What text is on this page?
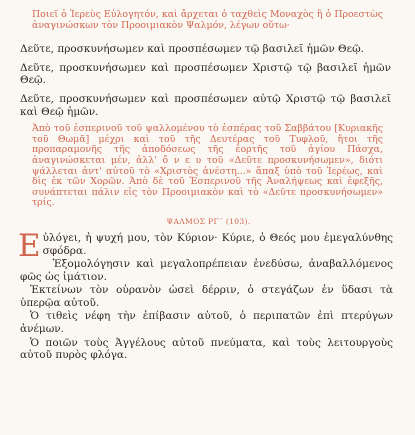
Ποιεῖ ὁ Ἱερεὺς Εὐλογητόν, καὶ ἄρχεται ὁ ταχθεὶς Μοναχὸς ἢ ὁ Προεστὼς ἀναγινώσκων τὸν Προοιμιακὸν Ψαλμόν, λέγων οὕτω·

Δεῦτε, προσκυνήσωμεν καὶ προσπέσωμεν τῷ βασιλεῖ ἡμῶν Θεῷ.

Δεῦτε, προσκυνήσωμεν καὶ προσπέσωμεν Χριστῷ τῷ βασιλεῖ ἡμῶν Θεῷ.

Δεῦτε, προσκυνήσωμεν καὶ προσπέσωμεν αὐτῷ Χριστῷ τῷ βασιλεῖ καὶ Θεῷ ἡμῶν.

Ἀπὸ τοῦ ἑσπερινοῦ τοῦ ψαλλομένου τὸ ἑσπέρας τοῦ Σαββάτου [Κυριακῆς τοῦ Θωμᾶ] μέχρι καὶ τοῦ τῆς Δευτέρας τοῦ Τυφλοῦ, ἤτοι τῆς προπαραμονῆς τῆς ἀποδόσεως τῆς ἑορτῆς τοῦ ἁγίου Πάσχα, ἀναγινώσκεται μέν, ἀλλ' ὄ ν ε υ τοῦ «Δεῦτε προσκυνήσωμεν», διότι ψάλλεται ἀντ' αὐτοῦ τὸ «Χριστὸς ἀνέστη...» ἅπαξ ὑπὸ τοῦ Ἱερέως, καὶ δὶς ἐκ τῶν Χορῶν. Ἀπὸ δὲ τοῦ Ἑσπερινοῦ τῆς Ἀναλήψεως καὶ ἐφεξῆς, συνάπτεται πάλιν εἰς τὸν Προοιμιακὸν καὶ τὸ «Δεῦτε προσκυνήσωμεν» τρίς.

ΨΑΛΜΟΣ ΡΓ΄ (103).

Εὐλόγει, ἡ ψυχή μου, τὸν Κύριον· Κύριε, ὁ Θεός μου ἐμεγαλύνθης σφόδρα.

Ἐξομολόγησιν καὶ μεγαλοπρέπειαν ἐνεδύσω, ἀναβαλλόμενος φῶς ὡς ἱμάτιον.

Ἐκτείνων τὸν οὐρανὸν ὡσεὶ δέρριν, ὁ στεγάζων ἐν ὕδασι τὰ ὑπερῷα αὐτοῦ.

Ὁ τιθεὶς νέφη τὴν ἐπίβασιν αὐτοῦ, ὁ περιπατῶν ἐπὶ πτερύγων ἀνέμων.

Ὁ ποιῶν τοὺς Ἀγγέλους αὐτοῦ πνεύματα, καὶ τοὺς λειτουργοὺς αὐτοῦ πυρὸς φλόγα.
